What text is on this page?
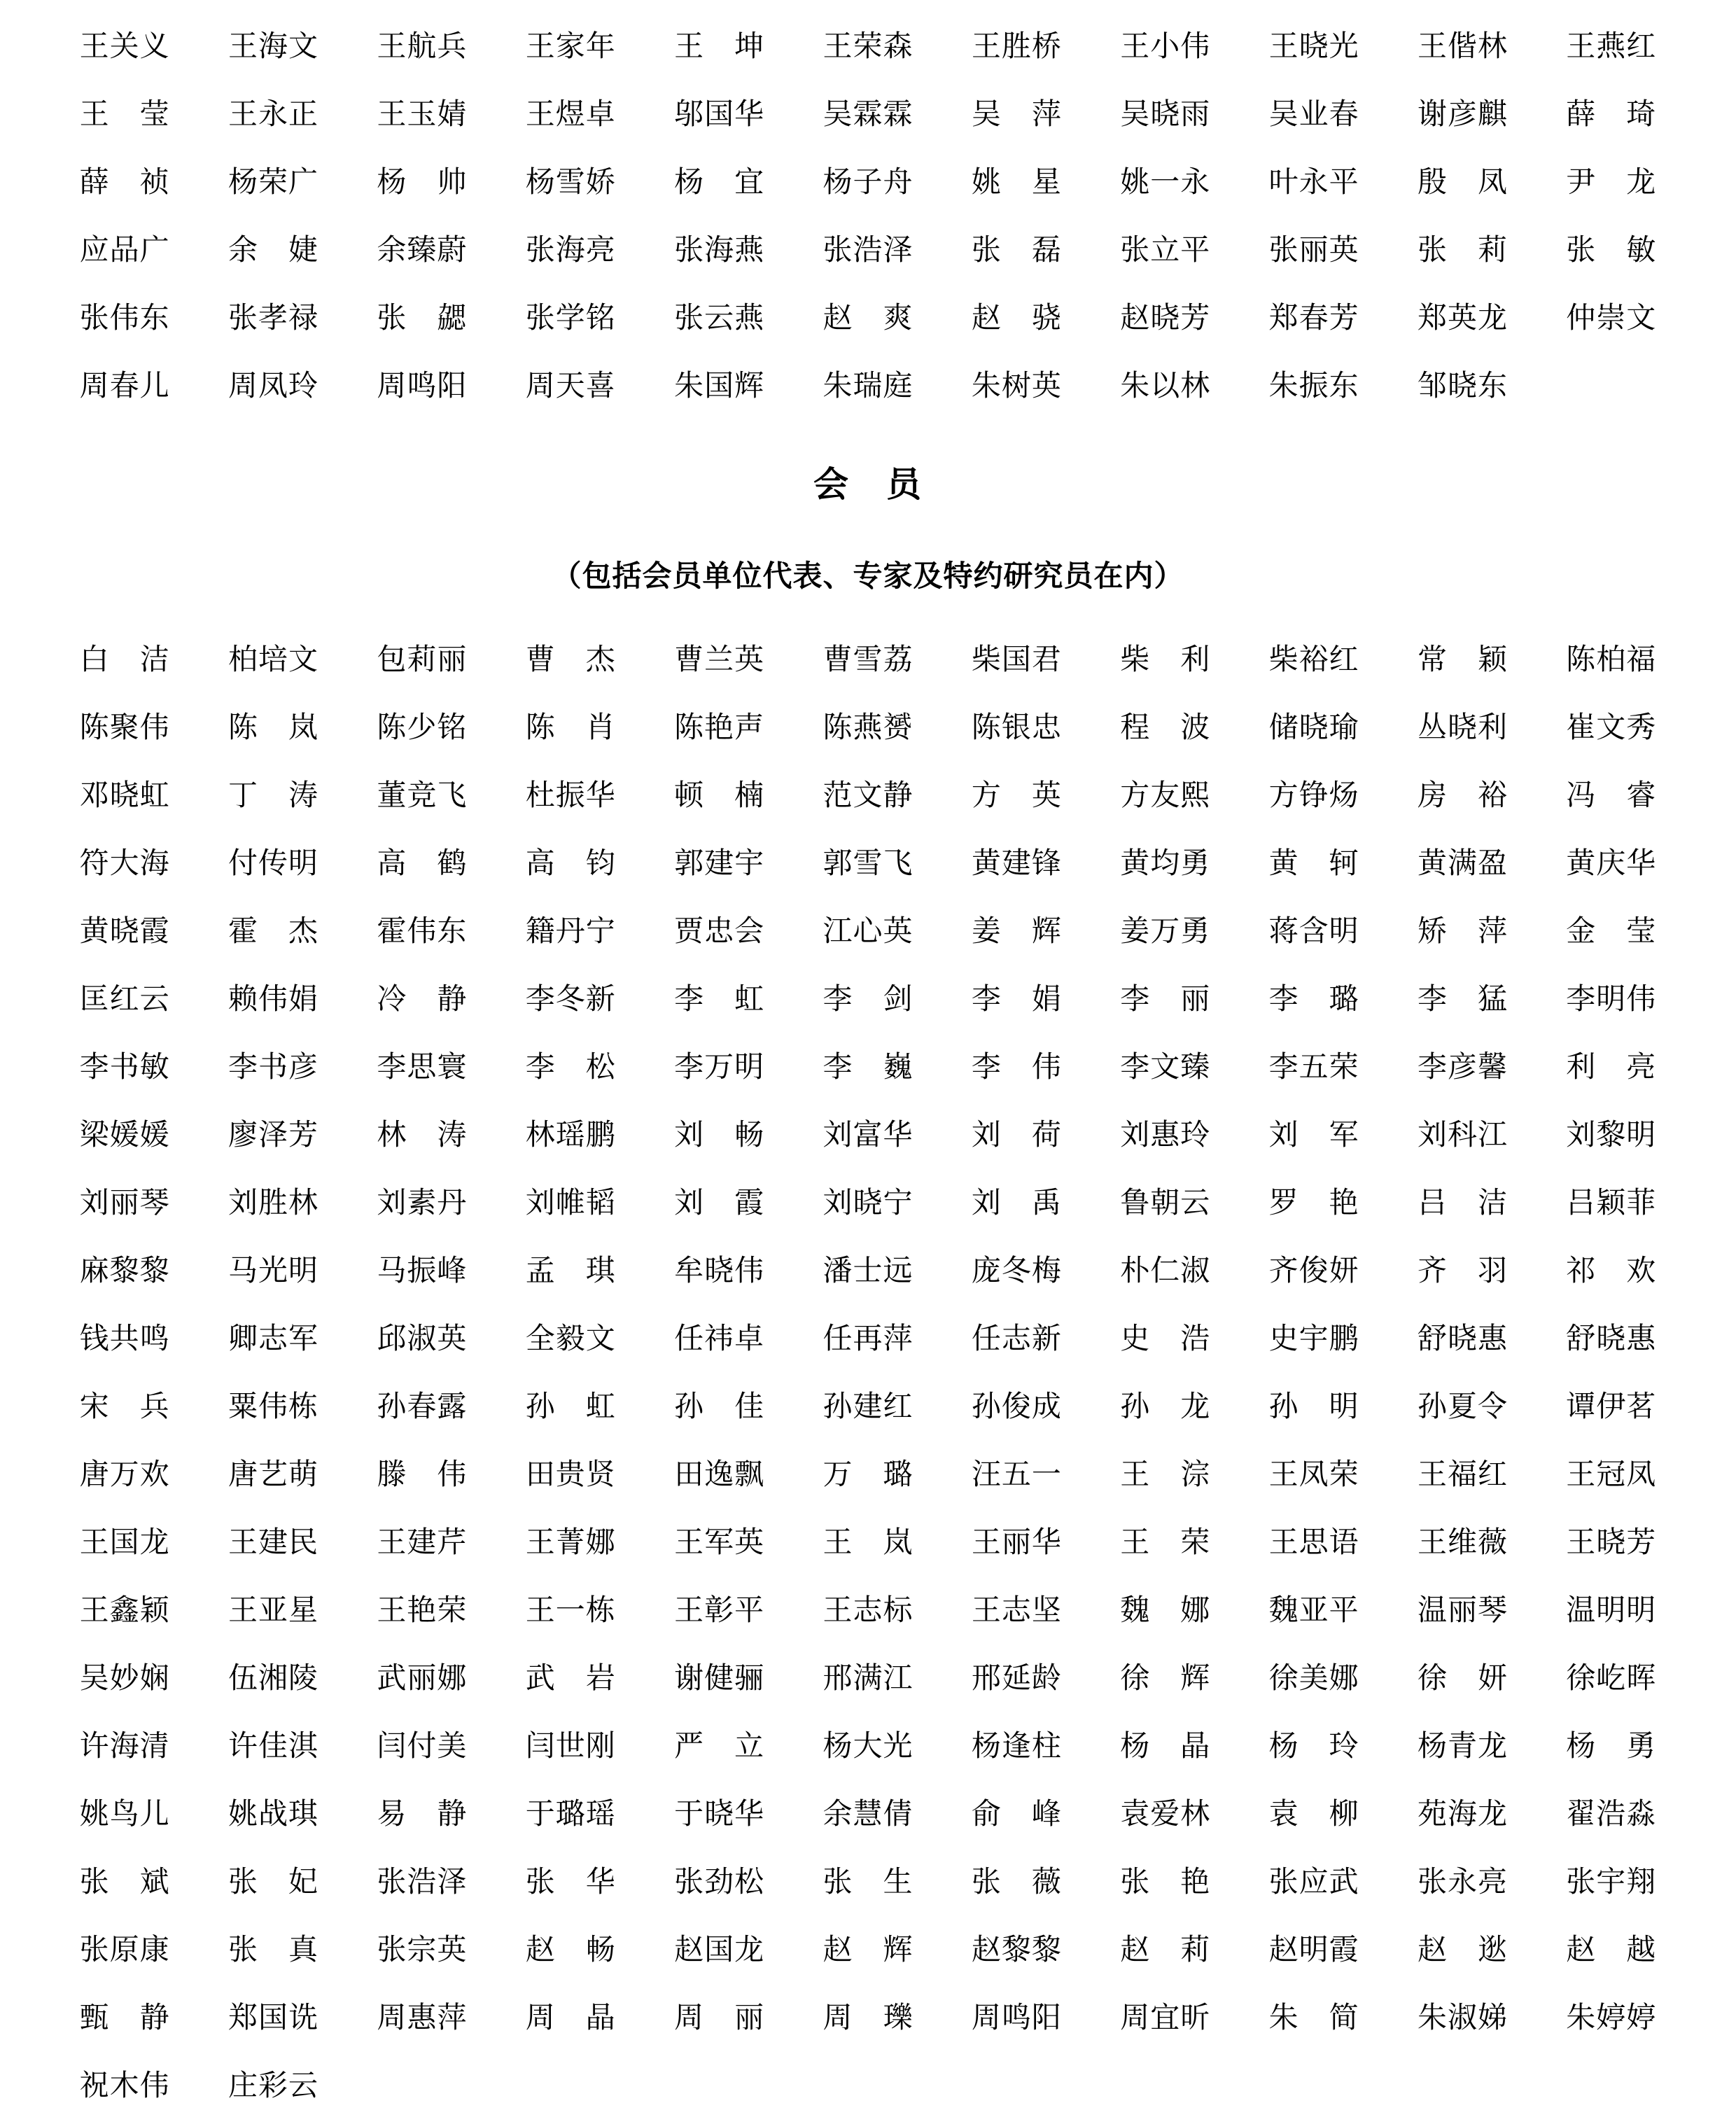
王关义	王海文	王航兵	王家年	王　坤	王荣森	王胜桥	王小伟	王晓光	王偕林	王燕红
王　莹	王永正	王玉婧	王煜卓	邬国华	吴霖霖	吴　萍	吴晓雨	吴业春	谢彦麒	薛　琦
薛　祯	杨荣广	杨　帅	杨雪娇	杨　宜	杨子舟	姚　星	姚一永	叶永平	殷　凤	尹　龙
应品广	余　婕	余臻蔚	张海亮	张海燕	张浩泽	张　磊	张立平	张丽英	张　莉	张　敏
张伟东	张孝禄	张　勰	张学铭	张云燕	赵　爽	赵　骁	赵晓芳	郑春芳	郑英龙	仲崇文
周春儿	周凤玲	周鸣阳	周天喜	朱国辉	朱瑞庭	朱树英	朱以林	朱振东	邹晓东
会　员
（包括会员单位代表、专家及特约研究员在内）
白　洁	柏培文	包莉丽	曹　杰	曹兰英	曹雪荔	柴国君	柴　利	柴裕红	常　颖	陈柏福
陈聚伟	陈　岚	陈少铭	陈　肖	陈艳声	陈燕赟	陈银忠	程　波	储晓瑜	丛晓利	崔文秀
邓晓虹	丁　涛	董竞飞	杜振华	顿　楠	范文静	方　英	方友熙	方铮炀	房　裕	冯　睿
符大海	付传明	高　鹤	高　钧	郭建宇	郭雪飞	黄建锋	黄均勇	黄　轲	黄满盈	黄庆华
黄晓霞	霍　杰	霍伟东	籍丹宁	贾忠会	江心英	姜　辉	姜万勇	蒋含明	矫　萍	金　莹
匡红云	赖伟娟	冷　静	李冬新	李　虹	李　剑	李　娟	李　丽	李　璐	李　猛	李明伟
李书敏	李书彦	李思寰	李　松	李万明	李　巍	李　伟	李文臻	李五荣	李彦馨	利　亮
梁媛媛	廖泽芳	林　涛	林瑶鹏	刘　畅	刘富华	刘　荷	刘惠玲	刘　军	刘科江	刘黎明
刘丽琴	刘胜林	刘素丹	刘帷韬	刘　霞	刘晓宁	刘　禹	鲁朝云	罗　艳	吕　洁	吕颖菲
麻黎黎	马光明	马振峰	孟　琪	牟晓伟	潘士远	庞冬梅	朴仁淑	齐俊妍	齐　羽	祁　欢
钱共鸣	卿志军	邱淑英	全毅文	任祎卓	任再萍	任志新	史　浩	史宇鹏	舒晓惠	舒晓惠
宋　兵	粟伟栋	孙春露	孙　虹	孙　佳	孙建红	孙俊成	孙　龙	孙　明	孙夏令	谭伊茗
唐万欢	唐艺萌	滕　伟	田贵贤	田逸飘	万　璐	汪五一	王　淙	王凤荣	王福红	王冠凤
王国龙	王建民	王建芹	王菁娜	王军英	王　岚	王丽华	王　荣	王思语	王维薇	王晓芳
王鑫颖	王亚星	王艳荣	王一栋	王彰平	王志标	王志坚	魏　娜	魏亚平	温丽琴	温明明
吴妙娴	伍湘陵	武丽娜	武　岩	谢健骊	邢满江	邢延龄	徐　辉	徐美娜	徐　妍	徐屹晖
许海清	许佳淇	闫付美	闫世刚	严　立	杨大光	杨逢柱	杨　晶	杨　玲	杨青龙	杨　勇
姚鸟儿	姚战琪	易　静	于璐瑶	于晓华	余慧倩	俞　峰	袁爱林	袁　柳	苑海龙	翟浩淼
张　斌	张　妃	张浩泽	张　华	张劲松	张　生	张　薇	张　艳	张应武	张永亮	张宇翔
张原康	张　真	张宗英	赵　畅	赵国龙	赵　辉	赵黎黎	赵　莉	赵明霞	赵　逖	赵　越
甄　静	郑国诜	周惠萍	周　晶	周　丽	周　瓅	周鸣阳	周宜昕	朱　简	朱淑娣	朱婷婷
祝木伟	庄彩云
